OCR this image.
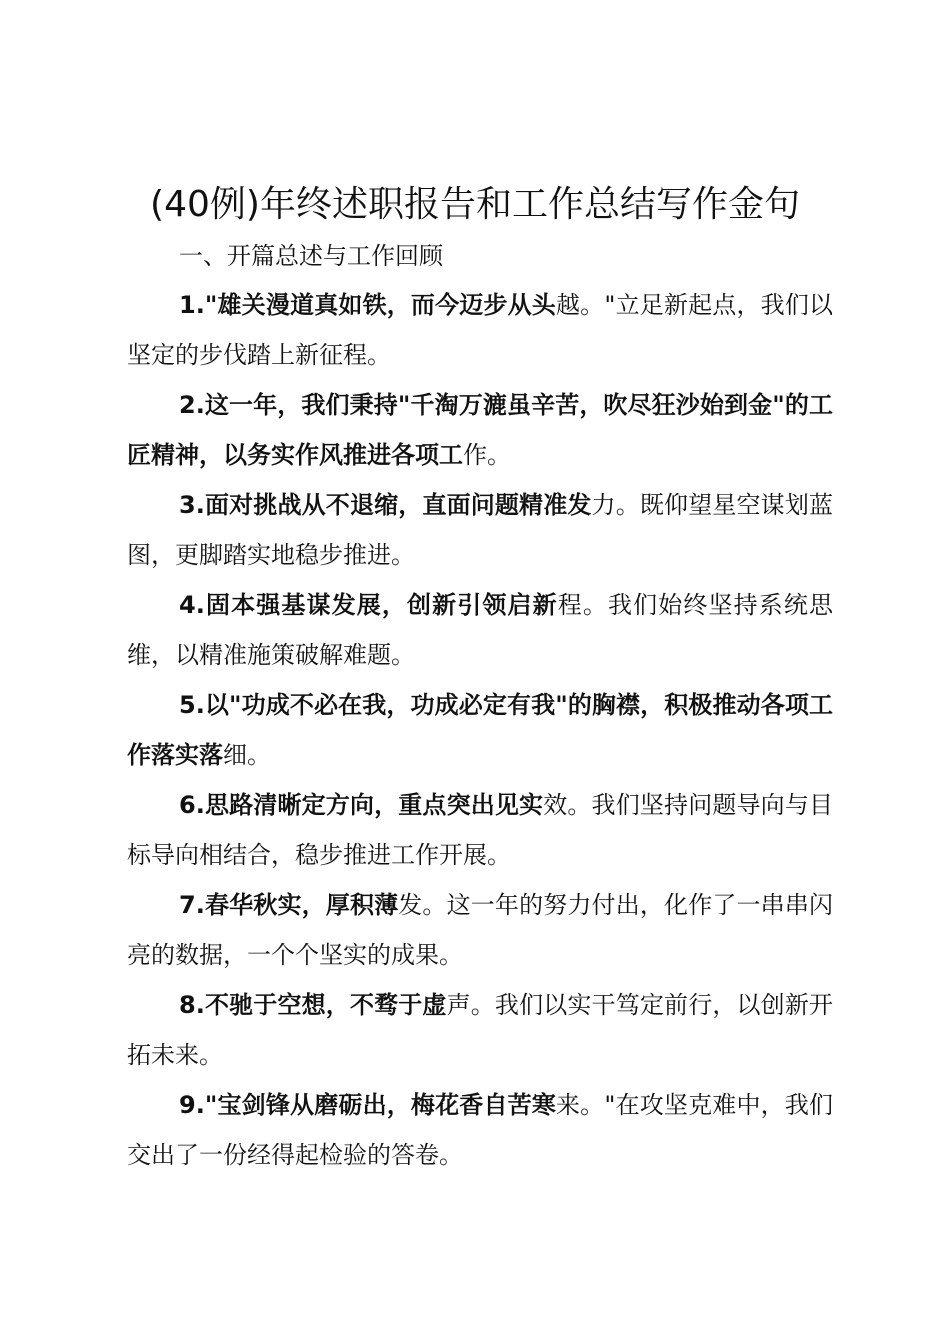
(40例)年终述职报告和工作总结写作金句

一、开篇总述与工作回顾

1."雄关漫道真如铁，而今迈步从头越。"立足新起点，我们以坚定的步伐踏上新征程。

2.这一年，我们秉持"千淘万漉虽辛苦，吹尽狂沙始到金"的工匠精神，以务实作风推进各项工作。

3.面对挑战从不退缩，直面问题精准发力。既仰望星空谋划蓝图，更脚踏实地稳步推进。

4.固本强基谋发展，创新引领启新程。我们始终坚持系统思维，以精准施策破解难题。

5.以"功成不必在我，功成必定有我"的胸襟，积极推动各项工作落实落细。

6.思路清晰定方向，重点突出见实效。我们坚持问题导向与目标导向相结合，稳步推进工作开展。

7.春华秋实，厚积薄发。这一年的努力付出，化作了一串串闪亮的数据，一个个坚实的成果。

8.不驰于空想，不骛于虚声。我们以实干笃定前行，以创新开拓未来。

9."宝剑锋从磨砺出，梅花香自苦寒来。"在攻坚克难中，我们交出了一份经得起检验的答卷。
